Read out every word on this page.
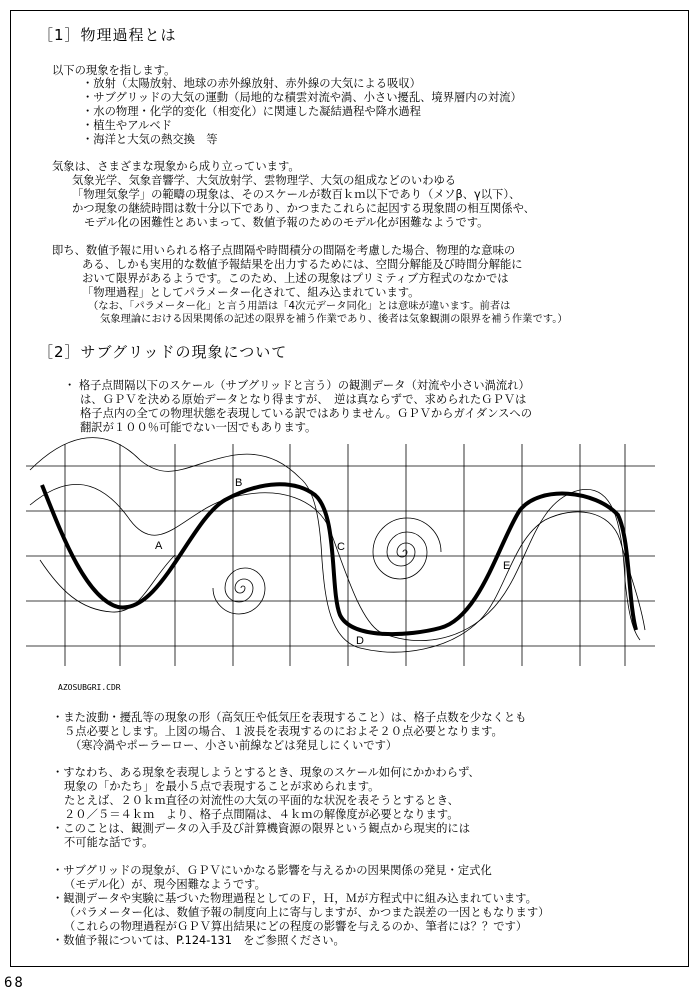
［1］物理過程とは
以下の現象を指します。
・放射（太陽放射、地球の赤外線放射、赤外線の大気による吸収）
・サブグリッドの大気の運動（局地的な積雲対流や渦、小さい擾乱、境界層内の対流）
・水の物理・化学的変化（相変化）に関連した凝結過程や降水過程
・植生やアルベド
・海洋と大気の熱交換　等
気象は、さまざまな現象から成り立っています。
気象光学、気象音響学、大気放射学、雲物理学、大気の組成などのいわゆる
「物理気象学」の範疇の現象は、そのスケールが数百ｋｍ以下であり（メソβ、γ以下）、
かつ現象の継続時間は数十分以下であり、かつまたこれらに起因する現象間の相互関係や、
モデル化の困難性とあいまって、数値予報のためのモデル化が困難なようです。
即ち、数値予報に用いられる格子点間隔や時間積分の間隔を考慮した場合、物理的な意味の
ある、しかも実用的な数値予報結果を出力するためには、空間分解能及び時間分解能に
おいて限界があるようです。このため、上述の現象はプリミティブ方程式のなかでは
「物理過程」としてパラメーター化されて、組み込まれています。
（なお、「パラメーター化」と言う用語は「4次元データ同化」とは意味が違います。前者は
気象理論における因果関係の記述の限界を補う作業であり、後者は気象観測の限界を補う作業です。）
［2］サブグリッドの現象について
・ 格子点間隔以下のスケール（サブグリッドと言う）の観測データ（対流や小さい渦流れ）
は、ＧＰＶを決める原始データとなり得ますが、　逆は真ならずで、求められたＧＰＶは
格子点内の全ての物理状態を表現している訳ではありません。ＧＰＶからガイダンスへの
翻訳が１００％可能でない一因でもあります。
A
B
C
D
E
AZOSUBGRI.CDR
・また波動・擾乱等の現象の形（高気圧や低気圧を表現すること）は、格子点数を少なくとも
５点必要とします。上図の場合、１波長を表現するのにおよそ２０点必要となります。
（寒冷渦やポーラーロー、小さい前線などは発見しにくいです）
・すなわち、ある現象を表現しようとするとき、現象のスケール如何にかかわらず、
現象の「かたち」を最小５点で表現することが求められます。
たとえば、２０ｋｍ直径の対流性の大気の平面的な状況を表そうとするとき、
２０／５＝４ｋｍ　より、格子点間隔は、４ｋｍの解像度が必要となります。
・このことは、観測データの入手及び計算機資源の限界という観点から現実的には
不可能な話です。
・サブグリッドの現象が、ＧＰＶにいかなる影響を与えるかの因果関係の発見・定式化
（モデル化）が、現今困難なようです。
・観測データや実験に基づいた物理過程としてのＦ，Ｈ，Ｍが方程式中に組み込まれています。
（パラメーター化は、数値予報の制度向上に寄与しますが、かつまた誤差の一因ともなります）
（これらの物理過程がＧＰＶ算出結果にどの程度の影響を与えるのか、筆者には？？です）
・数値予報については、P.124-131　をご参照ください。
68
